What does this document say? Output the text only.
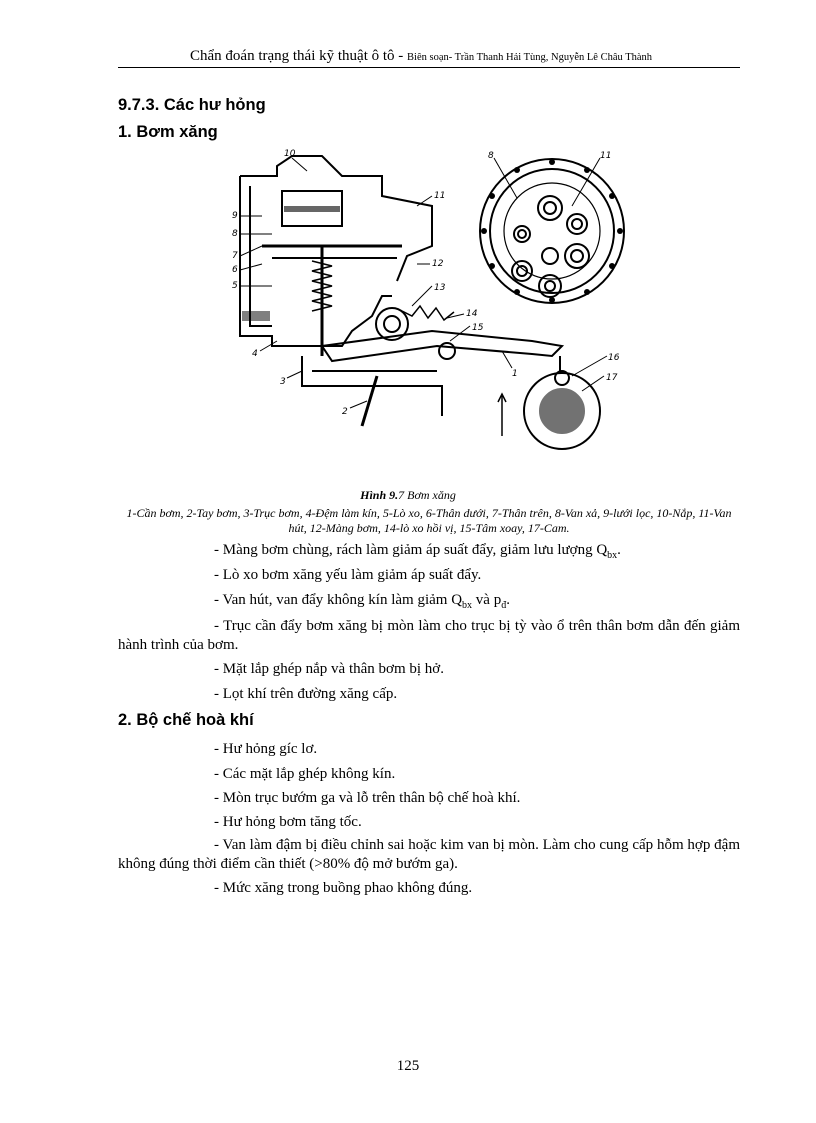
Chẩn đoán trạng thái kỹ thuật ô tô - Biên soạn- Trần Thanh Hải Tùng, Nguyễn Lê Châu Thành
9.7.3. Các hư hỏng
1. Bơm xăng
10
9
8
7
6
5
4
3
2
11
12
13
14
15
1
16
17
8	11
Hình 9.7 Bơm xăng
1-Cần bơm, 2-Tay bơm, 3-Trục bơm, 4-Đệm làm kín, 5-Lò xo, 6-Thân dưới, 7-Thân trên, 8-Van xả, 9-lưới lọc, 10-Nắp, 11-Van hút, 12-Màng bơm, 14-lò xo hồi vị, 15-Tâm xoay, 17-Cam.
- Màng bơm chùng, rách làm giảm áp suất đẩy, giảm lưu lượng $Q_{bx}$.
- Lò xo bơm xăng yếu làm giảm áp suất đẩy.
- Van hút, van đẩy không kín làm giảm $Q_{bx}$ và $p_đ$.
- Trục cần đẩy bơm xăng bị mòn làm cho trục bị tỳ vào ổ trên thân bơm dẫn đến giảm hành trình của bơm.
- Mặt lắp ghép nắp và thân bơm bị hở.
- Lọt khí trên đường xăng cấp.
2. Bộ chế hoà khí
- Hư hỏng gíc lơ.
- Các mặt lắp ghép không kín.
- Mòn trục bướm ga và lỗ trên thân bộ chế hoà khí.
- Hư hỏng bơm tăng tốc.
- Van làm đậm bị điều chỉnh sai hoặc kim van bị mòn. Làm cho cung cấp hỗm hợp đậm không đúng thời điểm cần thiết (>80% độ mở bướm ga).
- Mức xăng trong buồng phao không đúng.
125
